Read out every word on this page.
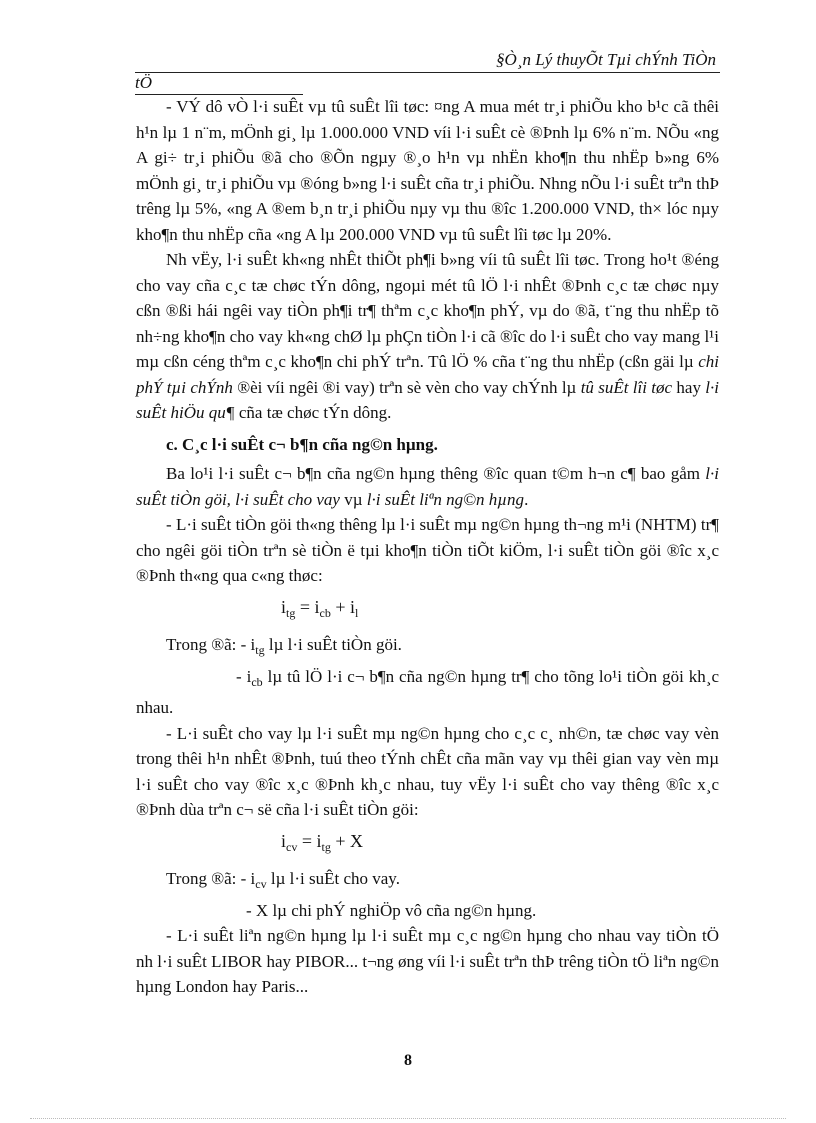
§Ò¸n Lý thuyÕt Tµi chÝnh TiÒn
tÖ

- VÝ dô vÒ l·i suÊt vµ tû suÊt lîi tøc: ¤ng A mua mét tr¸i phiÕu kho b¹c cã thêi h¹n lµ 1 n¨m, mÖnh gi¸ lµ 1.000.000 VND víi l·i suÊt cè ®Þnh lµ 6% n¨m. NÕu «ng A gi÷ tr¸i phiÕu ®ã cho ®Õn ngµy ®¸o h¹n vµ nhËn kho¶n thu nhËp b»ng 6% mÖnh gi¸ tr¸i phiÕu vµ ®óng b»ng l·i suÊt cña tr¸i phiÕu. Nhng nÕu l·i suÊt trªn thÞ trêng lµ 5%, «ng A ®em b¸n tr¸i phiÕu nµy vµ thu ®îc 1.200.000 VND, th× lóc nµy kho¶n thu nhËp cña «ng A lµ 200.000 VND vµ tû suÊt lîi tøc lµ 20%.

Nh vËy, l·i suÊt kh«ng nhÊt thiÕt ph¶i b»ng víi tû suÊt lîi tøc. Trong ho¹t ®éng cho vay cña c¸c tæ chøc tÝn dông, ngoµi mét tû lÖ l·i nhÊt ®Þnh c¸c tæ chøc nµy cßn ®ßi hái ngêi vay tiÒn ph¶i tr¶ thªm c¸c kho¶n phÝ, vµ do ®ã, t¨ng thu nhËp tõ nh÷ng kho¶n cho vay kh«ng chØ lµ phÇn tiÒn l·i cã ®îc do l·i suÊt cho vay mang l¹i mµ cßn céng thªm c¸c kho¶n chi phÝ trªn. Tû lÖ % cña t¨ng thu nhËp (cßn gäi lµ chi phÝ tµi chÝnh ®èi víi ngêi ®i vay) trªn sè vèn cho vay chÝnh lµ tû suÊt lîi tøc hay l·i suÊt hiÖu qu¶ cña tæ chøc tÝn dông.

c. C¸c l·i suÊt c¬ b¶n cña ng©n hµng.

Ba lo¹i l·i suÊt c¬ b¶n cña ng©n hµng thêng ®îc quan t©m h¬n c¶ bao gåm l·i suÊt tiÒn göi, l·i suÊt cho vay vµ l·i suÊt liªn ng©n hµng.

- L·i suÊt tiÒn göi th«ng thêng lµ l·i suÊt mµ ng©n hµng th¬ng m¹i (NHTM) tr¶ cho ngêi göi tiÒn trªn sè tiÒn ë tµi kho¶n tiÒn tiÕt kiÖm, l·i suÊt tiÒn göi ®îc x¸c ®Þnh th«ng qua c«ng thøc:

$i_{tg} = i_{cb} + i_l$

Trong ®ã: - $i_{tg}$ lµ l·i suÊt tiÒn göi.

- $i_{cb}$ lµ tû lÖ l·i c¬ b¶n cña ng©n hµng tr¶ cho tõng lo¹i tiÒn göi kh¸c nhau.

- L·i suÊt cho vay lµ l·i suÊt mµ ng©n hµng cho c¸c c¸ nh©n, tæ chøc vay vèn trong thêi h¹n nhÊt ®Þnh, tuú theo tÝnh chÊt cña mãn vay vµ thêi gian vay vèn mµ l·i suÊt cho vay ®îc x¸c ®Þnh kh¸c nhau, tuy vËy l·i suÊt cho vay thêng ®îc x¸c ®Þnh dùa trªn c¬ së cña l·i suÊt tiÒn göi:

$i_{cv} = i_{tg} + X$

Trong ®ã: - $i_{cv}$ lµ l·i suÊt cho vay.

- X lµ chi phÝ nghiÖp vô cña ng©n hµng.

- L·i suÊt liªn ng©n hµng lµ l·i suÊt mµ c¸c ng©n hµng cho nhau vay tiÒn tÖ nh l·i suÊt LIBOR hay PIBOR... t¬ng øng víi l·i suÊt trªn thÞ trêng tiÒn tÖ liªn ng©n hµng London hay Paris...

8
